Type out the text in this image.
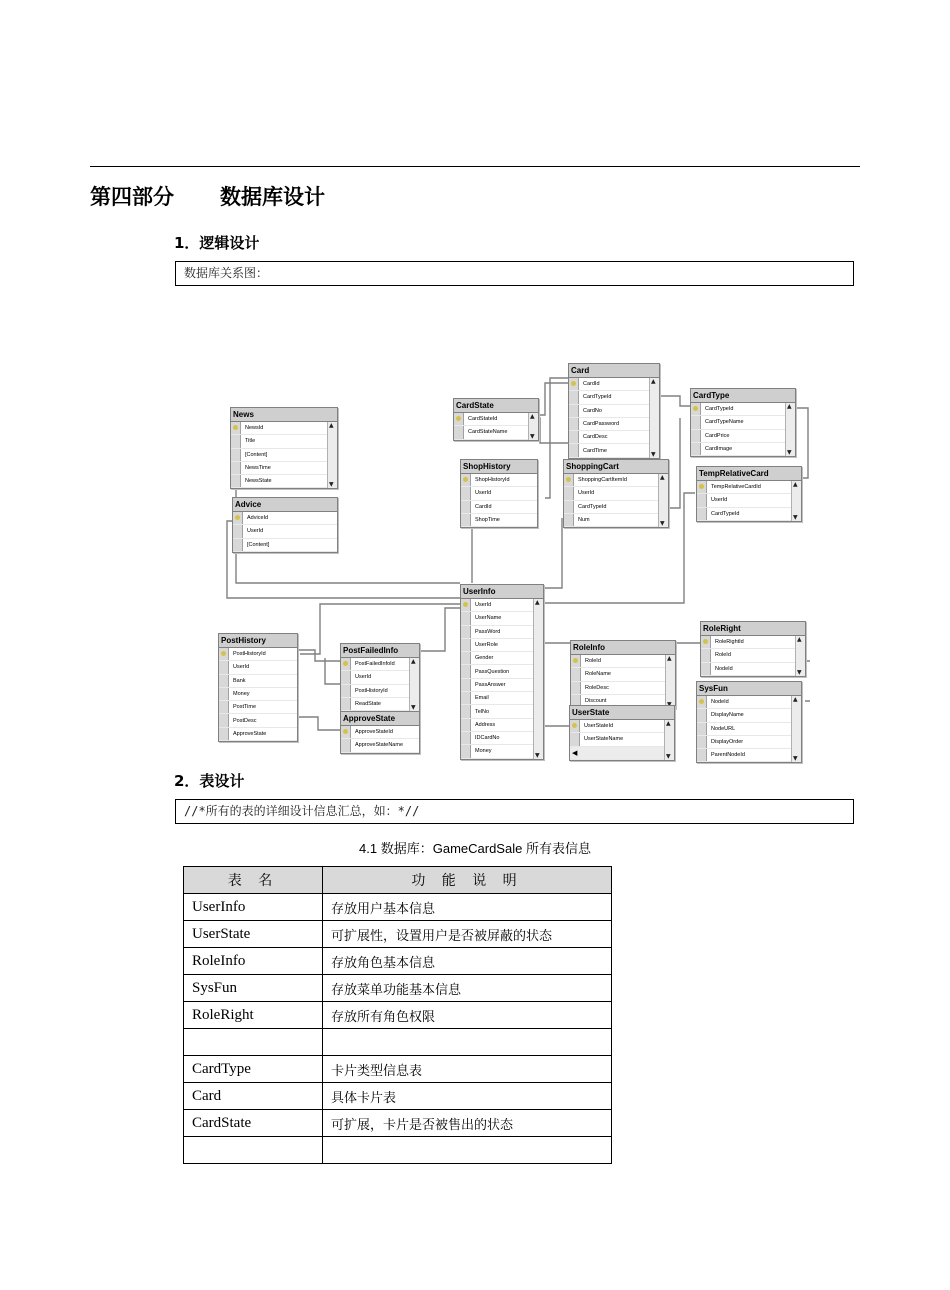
第四部分 数据库设计
1．逻辑设计
数据库关系图：
News
NewsId
Title
[Content]
NewsTime
NewsState
▲ ▼
Advice
AdviceId
UserId
[Content]
CardState
CardStateId
CardStateName
▲ ▼
Card
CardId
CardTypeId
CardNo
CardPassword
CardDesc
CardTime
▲ ▼
CardType
CardTypeId
CardTypeName
CardPrice
CardImage
▲ ▼
ShopHistory
ShopHistoryId
UserId
CardId
ShopTime
ShoppingCart
ShoppingCartItemId
UserId
CardTypeId
Num
▲ ▼
TempRelativeCard
TempRelativeCardId
UserId
CardTypeId
▲ ▼
UserInfo
UserId
UserName
PassWord
UserRole
Gender
PassQuestion
PassAnswer
Email
TelNo
Address
IDCardNo
Money
▲ ▼
PostHistory
PostHistoryId
UserId
Bank
Money
PostTime
PostDesc
ApproveState
PostFailedInfo
PostFailedInfoId
UserId
PostHistoryId
ReadState
▲ ▼
ApproveState
ApproveStateId
ApproveStateName
RoleInfo
RoleId
RoleName
RoleDesc
Discount
▲ ▼
UserState
UserStateId
UserStateName
◀
▲ ▼
RoleRight
RoleRightId
RoleId
NodeId
▲ ▼
SysFun
NodeId
DisplayName
NodeURL
DisplayOrder
ParentNodeId
▲ ▼
2．表设计
//*所有的表的详细设计信息汇总，如：*//
4.1 数据库：GameCardSale 所有表信息
表 名	功 能 说 明
UserInfo	存放用户基本信息
UserState	可扩展性，设置用户是否被屏蔽的状态
RoleInfo	存放角色基本信息
SysFun	存放菜单功能基本信息
RoleRight	存放所有角色权限

CardType	卡片类型信息表
Card	具体卡片表
CardState	可扩展，卡片是否被售出的状态
